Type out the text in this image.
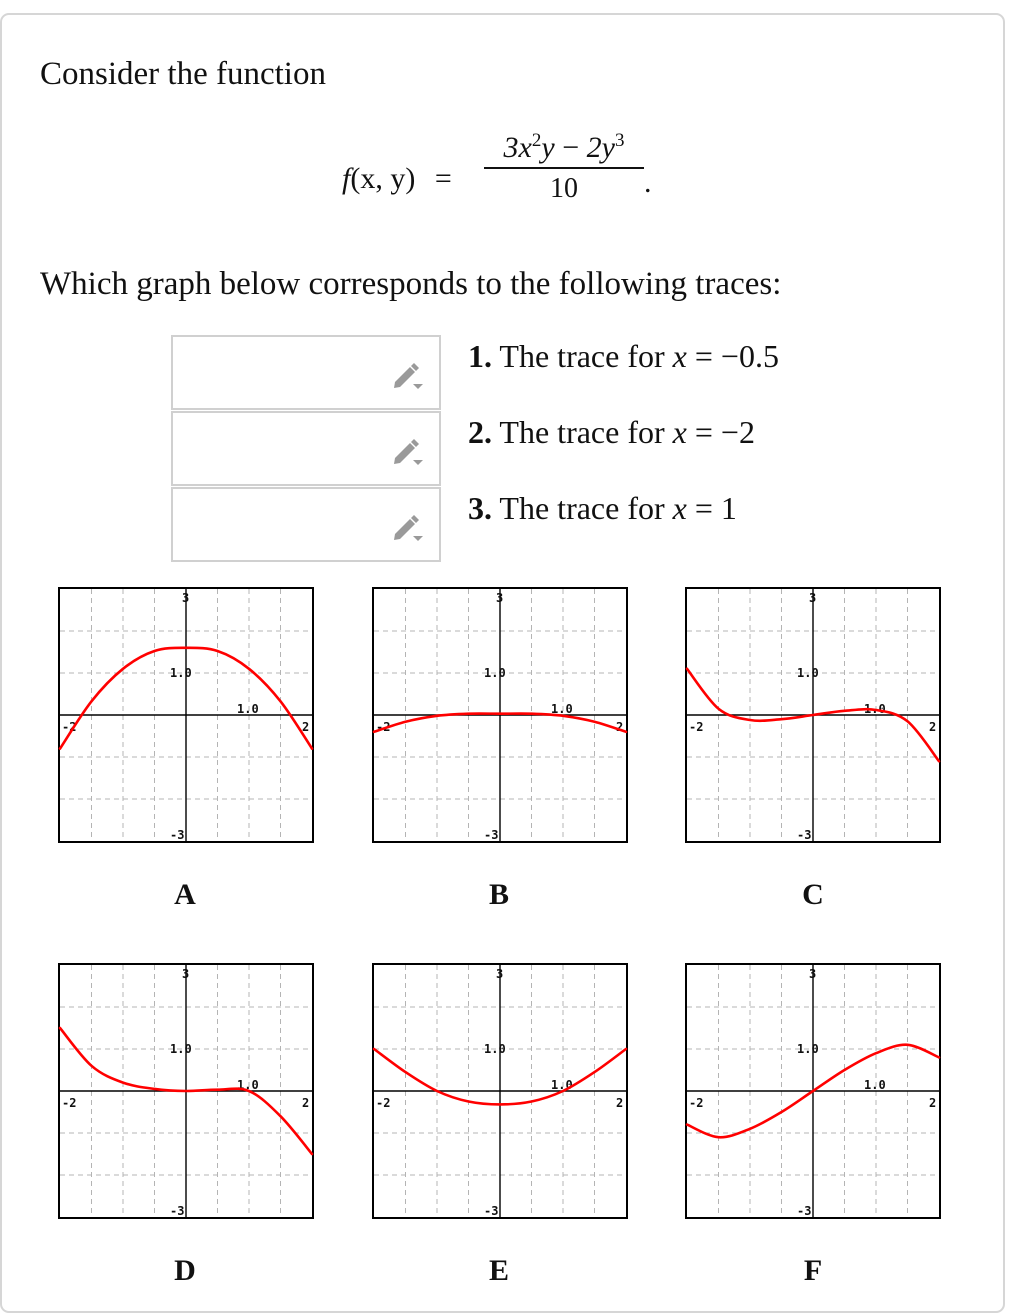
Consider the function
f(x, y) =
$3x^2y - 2y^3$
10	.
Which graph below corresponds to the following traces:
1. The trace for x = −0.5
2. The trace for x = −2
3. The trace for x = 1
3
1.0
1.0
-2	2
-3
3
1.0
1.0
-2	2
-3
3
1.0
1.0
-2	2
-3
3
1.0
1.0
-2	2
-3
3
1.0
1.0
-2	2
-3
3
1.0
1.0
-2	2
-3
A	B	C
D	E	F
